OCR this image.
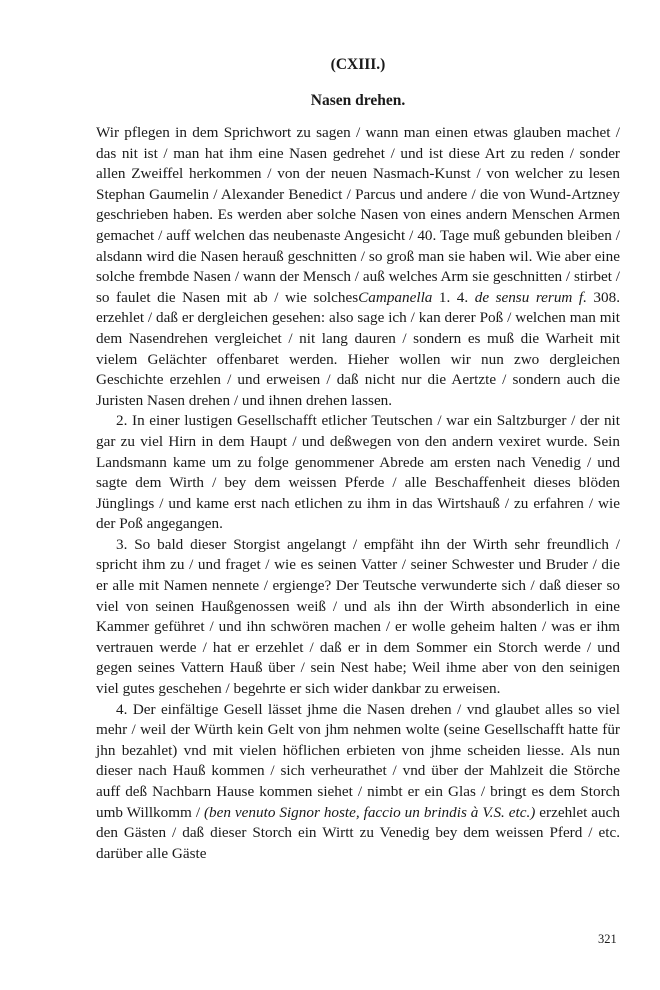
(CXIII.)
Nasen drehen.

Wir pflegen in dem Sprichwort zu sagen / wann man einen etwas glauben machet / das nit ist / man hat ihm eine Nasen gedrehet / und ist diese Art zu reden / sonder allen Zweiffel herkommen / von der neuen Nasmach-Kunst / von welcher zu lesen Stephan Gaumelin / Alexander Benedict / Parcus und andere / die von Wund-Artzney geschrieben haben. Es werden aber solche Nasen von eines andern Menschen Armen gemachet / auff welchen das neubenaste Angesicht / 40. Tage muß gebunden bleiben / alsdann wird die Nasen herauß geschnitten / so groß man sie haben wil. Wie aber eine solche frembde Nasen / wann der Mensch / auß welches Arm sie geschnitten / stirbet / so faulet die Nasen mit ab / wie solchesCampanella 1. 4. de sensu rerum f. 308. erzehlet / daß er dergleichen gesehen: also sage ich / kan derer Poß / welchen man mit dem Nasendrehen vergleichet / nit lang dauren / sondern es muß die Warheit mit vielem Gelächter offenbaret werden. Hieher wollen wir nun zwo dergleichen Geschichte erzehlen / und erweisen / daß nicht nur die Aertzte / sondern auch die Juristen Nasen drehen / und ihnen drehen lassen.

2. In einer lustigen Gesellschafft etlicher Teutschen / war ein Saltzburger / der nit gar zu viel Hirn in dem Haupt / und deßwegen von den andern vexiret wurde. Sein Landsmann kame um zu folge genommener Abrede am ersten nach Venedig / und sagte dem Wirth / bey dem weissen Pferde / alle Beschaffenheit dieses blöden Jünglings / und kame erst nach etlichen zu ihm in das Wirtshauß / zu erfahren / wie der Poß angegangen.

3. So bald dieser Storgist angelangt / empfäht ihn der Wirth sehr freundlich / spricht ihm zu / und fraget / wie es seinen Vatter / seiner Schwester und Bruder / die er alle mit Namen nennete / ergienge? Der Teutsche verwunderte sich / daß dieser so viel von seinen Haußgenossen weiß / und als ihn der Wirth absonderlich in eine Kammer geführet / und ihn schwören machen / er wolle geheim halten / was er ihm vertrauen werde / hat er erzehlet / daß er in dem Sommer ein Storch werde / und gegen seines Vattern Hauß über / sein Nest habe; Weil ihme aber von den seinigen viel gutes geschehen / begehrte er sich wider dankbar zu erweisen.

4. Der einfältige Gesell lässet jhme die Nasen drehen / vnd glaubet alles so viel mehr / weil der Würth kein Gelt von jhm nehmen wolte (seine Gesellschafft hatte für jhn bezahlet) vnd mit vielen höflichen erbieten von jhme scheiden liesse. Als nun dieser nach Hauß kommen / sich verheurathet / vnd über der Mahlzeit die Störche auff deß Nachbarn Hause kommen siehet / nimbt er ein Glas / bringt es dem Storch umb Willkomm / (ben venuto Signor hoste, faccio un brindis à V.S. etc.) erzehlet auch den Gästen / daß dieser Storch ein Wirtt zu Venedig bey dem weissen Pferd / etc. darüber alle Gäste

321
